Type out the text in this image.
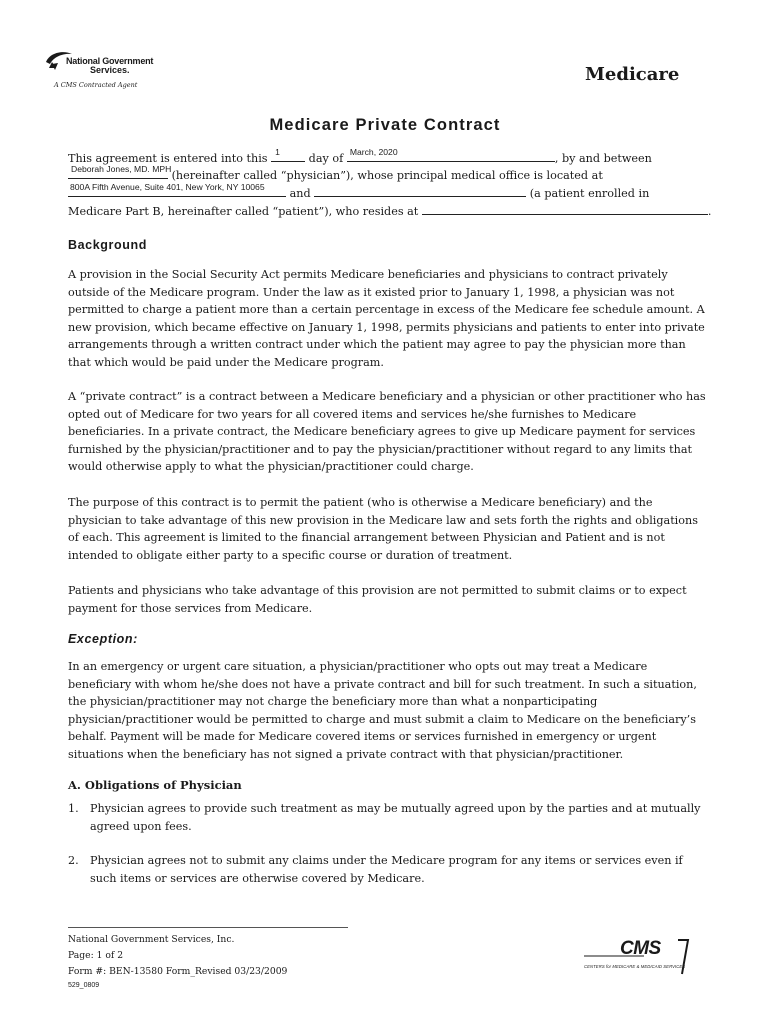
National Government
Services.
A CMS Contracted Agent	Medicare
Medicare Private Contract
This agreement is entered into this 1	day of March, 2020	, by and between
Deborah Jones, MD. MPH (hereinafter called “physician”), whose principal medical office is located at
800A Fifth Avenue, Suite 401, New York, NY 10065 and	(a patient enrolled in
Medicare Part B, hereinafter called “patient”), who resides at	.
Background

A provision in the Social Security Act permits Medicare beneficiaries and physicians to contract privately outside of the Medicare program. Under the law as it existed prior to January 1, 1998, a physician was not permitted to charge a patient more than a certain percentage in excess of the Medicare fee schedule amount. A new provision, which became effective on January 1, 1998, permits physicians and patients to enter into private arrangements through a written contract under which the patient may agree to pay the physician more than that which would be paid under the Medicare program.

A “private contract” is a contract between a Medicare beneficiary and a physician or other practitioner who has opted out of Medicare for two years for all covered items and services he/she furnishes to Medicare beneficiaries. In a private contract, the Medicare beneficiary agrees to give up Medicare payment for services furnished by the physician/practitioner and to pay the physician/practitioner without regard to any limits that would otherwise apply to what the physician/practitioner could charge.

The purpose of this contract is to permit the patient (who is otherwise a Medicare beneficiary) and the physician to take advantage of this new provision in the Medicare law and sets forth the rights and obligations of each. This agreement is limited to the financial arrangement between Physician and Patient and is not intended to obligate either party to a specific course or duration of treatment.

Patients and physicians who take advantage of this provision are not permitted to submit claims or to expect payment for those services from Medicare.

Exception:

In an emergency or urgent care situation, a physician/practitioner who opts out may treat a Medicare beneficiary with whom he/she does not have a private contract and bill for such treatment. In such a situation, the physician/practitioner may not charge the beneficiary more than what a nonparticipating physician/practitioner would be permitted to charge and must submit a claim to Medicare on the beneficiary’s behalf. Payment will be made for Medicare covered items or services furnished in emergency or urgent situations when the beneficiary has not signed a private contract with that physician/practitioner.

A. Obligations of Physician
1. Physician agrees to provide such treatment as may be mutually agreed upon by the parties and at mutually agreed upon fees.

2. Physician agrees not to submit any claims under the Medicare program for any items or services even if such items or services are otherwise covered by Medicare.

National Government Services, Inc.
Page: 1 of 2
Form #: BEN-13580 Form_Revised 03/23/2009
529_0809
CMS
CENTERS for MEDICARE & MEDICAID SERVICES
